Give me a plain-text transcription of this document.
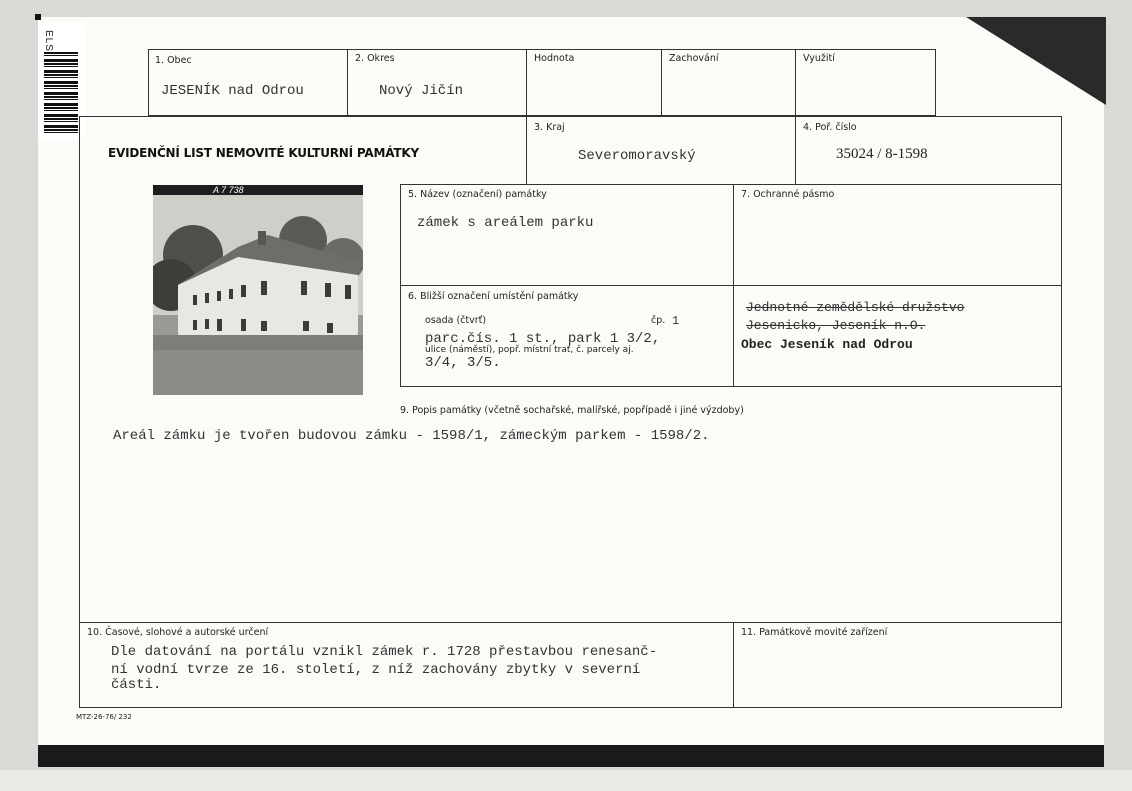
ELS
1. Obec
JESENÍK nad Odrou
2. Okres
Nový Jičín
Hodnota	Zachování	Využití
EVIDENČNÍ LIST NEMOVITÉ KULTURNÍ PAMÁTKY
3. Kraj
Severomoravský
4. Poř. číslo
35024 / 8-1598
A 7 738	5. Název (označení) památky
zámek s areálem parku
7. Ochranné pásmo
6. Bližší označení umístění památky
osada (čtvrť)	čp. 1
parc.čís. 1 st., park 1 3/2,
ulice (náměstí), popř. místní trať, č. parcely aj.
3/4, 3/5.
Jednotné zemědělské družstvo
Jesenicko, Jeseník n.O.
Obec Jeseník nad Odrou
9. Popis památky (včetně sochařské, malířské, popřípadě i jiné výzdoby)
Areál zámku je tvořen budovou zámku - 1598/1, zámeckým parkem - 1598/2.
10. Časové, slohové a autorské určení
Dle datování na portálu vznikl zámek r. 1728 přestavbou renesanč-
ní vodní tvrze ze 16. století, z níž zachovány zbytky v severní
části.
11. Památkově movité zařízení
MTZ-26-76/ 232
